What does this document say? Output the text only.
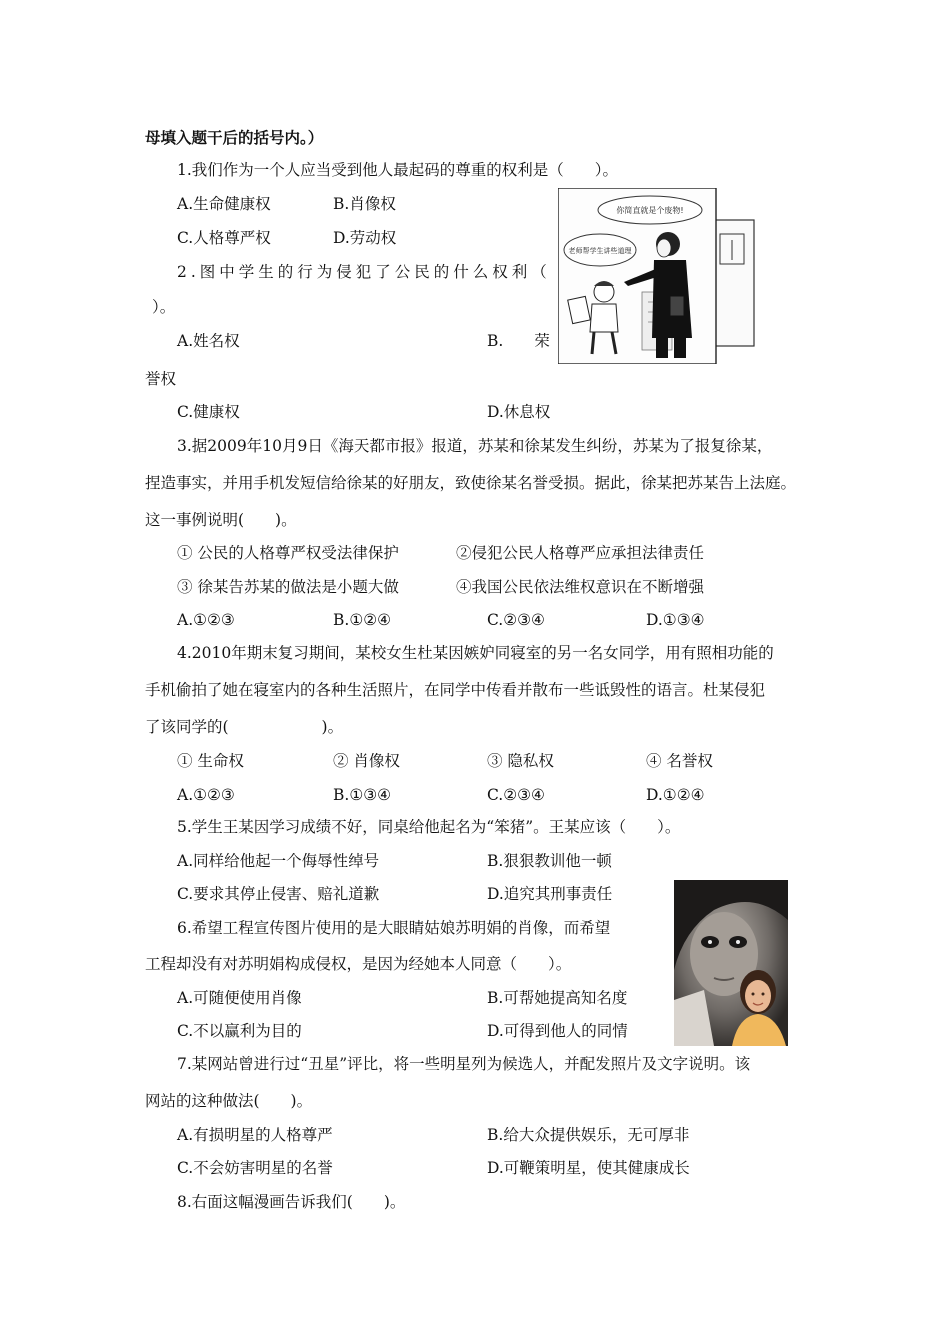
母填入题干后的括号内。）
1.我们作为一个人应当受到他人最起码的尊重的权利是（　　）。
A.生命健康权	B.肖像权
C.人格尊严权	D.劳动权
2.图中学生的行为侵犯了公民的什么权利（
）。
A.姓名权	B.　　荣
誉权
C.健康权	D.休息权
你简直就是个废物!
老师帮学生讲些道理
3.据2009年10月9日《海天都市报》报道，苏某和徐某发生纠纷，苏某为了报复徐某，
捏造事实，并用手机发短信给徐某的好朋友，致使徐某名誉受损。据此，徐某把苏某告上法庭。
这一事例说明(　　)。
① 公民的人格尊严权受法律保护	②侵犯公民人格尊严应承担法律责任
③ 徐某告苏某的做法是小题大做	④我国公民依法维权意识在不断增强
A.①②③	B.①②④	C.②③④	D.①③④
4.2010年期末复习期间，某校女生杜某因嫉妒同寝室的另一名女同学，用有照相功能的
手机偷拍了她在寝室内的各种生活照片，在同学中传看并散布一些诋毁性的语言。杜某侵犯
了该同学的(　　　　　　)。
① 生命权	② 肖像权	③ 隐私权	④ 名誉权
A.①②③	B.①③④	C.②③④	D.①②④
5.学生王某因学习成绩不好，同桌给他起名为“笨猪”。王某应该（　　）。
A.同样给他起一个侮辱性绰号	B.狠狠教训他一顿
C.要求其停止侵害、赔礼道歉	D.追究其刑事责任
6.希望工程宣传图片使用的是大眼睛姑娘苏明娟的肖像，而希望
工程却没有对苏明娟构成侵权，是因为经她本人同意（　　）。
A.可随便使用肖像	B.可帮她提高知名度
C.不以赢利为目的	D.可得到他人的同情
7.某网站曾进行过“丑星”评比，将一些明星列为候选人，并配发照片及文字说明。该
网站的这种做法(　　)。
A.有损明星的人格尊严	B.给大众提供娱乐，无可厚非
C.不会妨害明星的名誉	D.可鞭策明星，使其健康成长
8.右面这幅漫画告诉我们(　　)。
